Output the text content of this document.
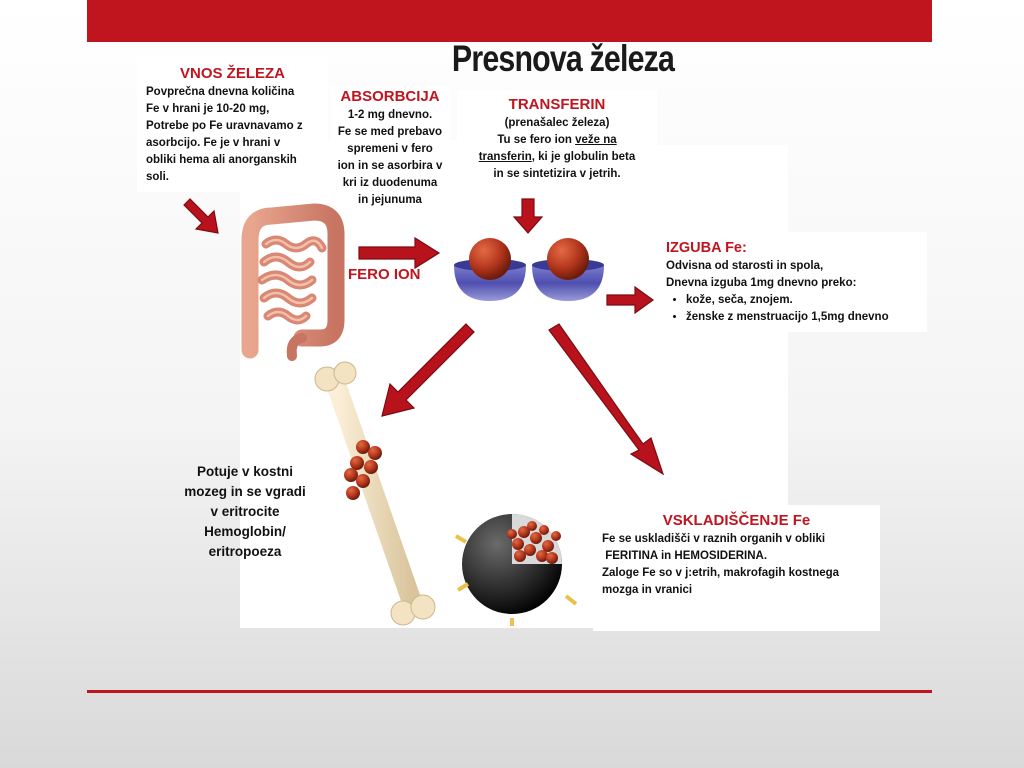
Presnova železa
VNOS ŽELEZA

Povprečna dnevna količina

Fe v hrani je 10-20 mg,

Potrebe po Fe uravnavamo z

asorbcijo. Fe je v hrani v

obliki hema ali anorganskih

soli.

ABSORBCIJA

1-2 mg dnevno.

Fe se med prebavo

spremeni v fero

ion in se asorbira v

kri iz duodenuma

in jejunuma

TRANSFERIN

(prenašalec železa)

Tu se fero ion veže na

transferin, ki je globulin beta

in se sintetizira v jetrih.

FERO ION
IZGUBA Fe:

Odvisna od starosti in spola,

Dnevna izguba 1mg dnevno preko:

• kože, seča, znojem.
• ženske z menstruacijo 1,5mg dnevno
Potuje v kostni
mozeg in se vgradi
v eritrocite
Hemoglobin/
eritropoeza
VSKLADIŠČENJE Fe

Fe se uskladišči v raznih organih v obliki

FERITINA in HEMOSIDERINA.

Zaloge Fe so v j:etrih, makrofagih kostnega

mozga in vranici
